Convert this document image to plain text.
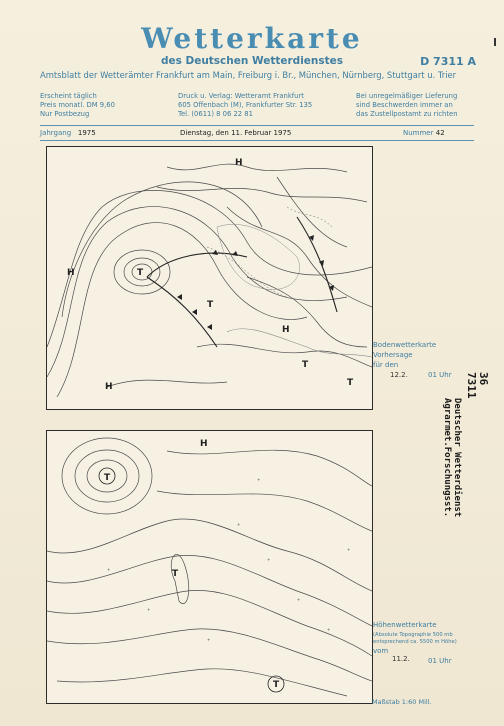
Wetterkarte
des Deutschen Wetterdienstes	D 7311 A
Amtsblatt der Wetterämter Frankfurt am Main, Freiburg i. Br., München, Nürnberg, Stuttgart u. Trier
Erscheint täglich
Preis monatl. DM 9,60
Nur Postbezug
Druck u. Verlag: Wetteramt Frankfurt
605 Offenbach (M), Frankfurter Str. 135
Tel. (0611) 8 06 22 81
Bei unregelmäßiger Lieferung
sind Beschwerden immer an
das Zustellpostamt zu richten
Jahrgang 1975	Dienstag, den 11. Februar 1975	Nummer 42
H	T
T
H
H
H
T
T
T
H
T
T
+
+
+
+
+
+
+
+
+
Bodenwetterkarte
Vorhersage
für den
01 Uhr
12.2.
Höhenwetterkarte
(Absolute Topographie 500 mb
entsprechend ca. 5500 m Höhe)
vom
11.2.	01 Uhr
Maßstab 1:60 Mill.
36
7311
Deutscher Wetterdienst
Agrarmet.Forschungsst.
